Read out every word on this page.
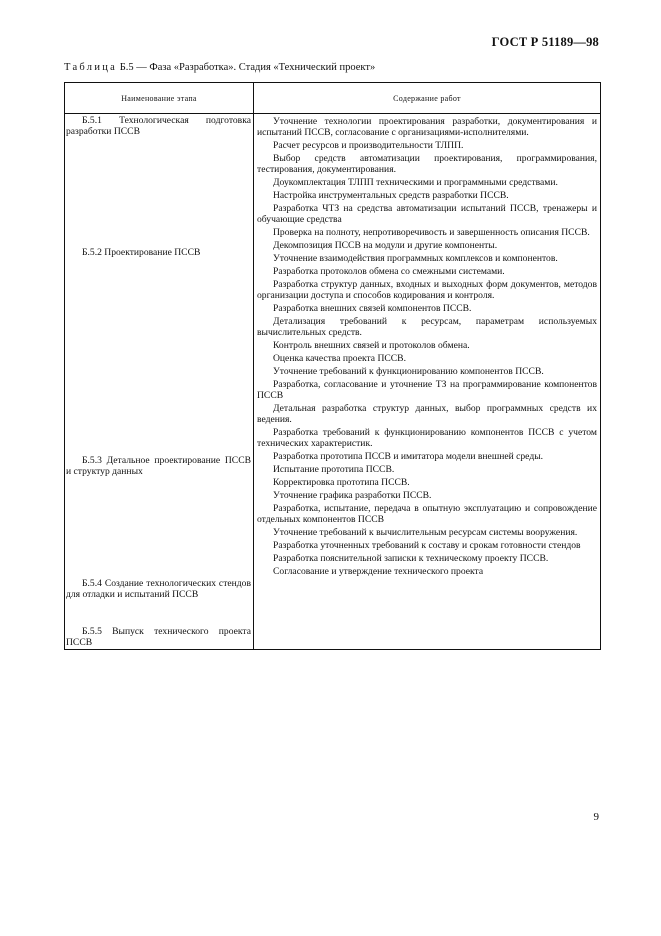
ГОСТ Р 51189—98
Таблица Б.5 — Фаза «Разработка». Стадия «Технический проект»
Наименование этапа	Содержание работ
Б.5.1 Технологическая подготовка разработки ПССВ
Б.5.2 Проектирование ПССВ
Б.5.3 Детальное проектирование ПССВ и структур данных
Б.5.4 Создание технологических стендов для отладки и испытаний ПССВ
Б.5.5 Выпуск технического проекта ПССВ

Уточнение технологии проектирования разработки, документирования и испытаний ПССВ, согласование с организациями-исполнителями.

Расчет ресурсов и производительности ТЛПП.

Выбор средств автоматизации проектирования, программирования, тестирования, документирования.

Доукомплектация ТЛПП техническими и программными средствами.

Настройка инструментальных средств разработки ПССВ.

Разработка ЧТЗ на средства автоматизации испытаний ПССВ, тренажеры и обучающие средства

Проверка на полноту, непротиворечивость и завершенность описания ПССВ.

Декомпозиция ПССВ на модули и другие компоненты.

Уточнение взаимодействия программных комплексов и компонентов.

Разработка протоколов обмена со смежными системами.

Разработка структур данных, входных и выходных форм документов, методов организации доступа и способов кодирования и контроля.

Разработка внешних связей компонентов ПССВ.

Детализация требований к ресурсам, параметрам используемых вычислительных средств.

Контроль внешних связей и протоколов обмена.

Оценка качества проекта ПССВ.

Уточнение требований к функционированию компонентов ПССВ.

Разработка, согласование и уточнение ТЗ на программирование компонентов ПССВ

Детальная разработка структур данных, выбор программных средств их ведения.

Разработка требований к функционированию компонентов ПССВ с учетом технических характеристик.

Разработка прототипа ПССВ и имитатора модели внешней среды.

Испытание прототипа ПССВ.

Корректировка прототипа ПССВ.

Уточнение графика разработки ПССВ.

Разработка, испытание, передача в опытную эксплуатацию и сопровождение отдельных компонентов ПССВ

Уточнение требований к вычислительным ресурсам системы вооружения.

Разработка уточненных требований к составу и срокам готовности стендов

Разработка пояснительной записки к техническому проекту ПССВ.

Согласование и утверждение технического проекта

9
